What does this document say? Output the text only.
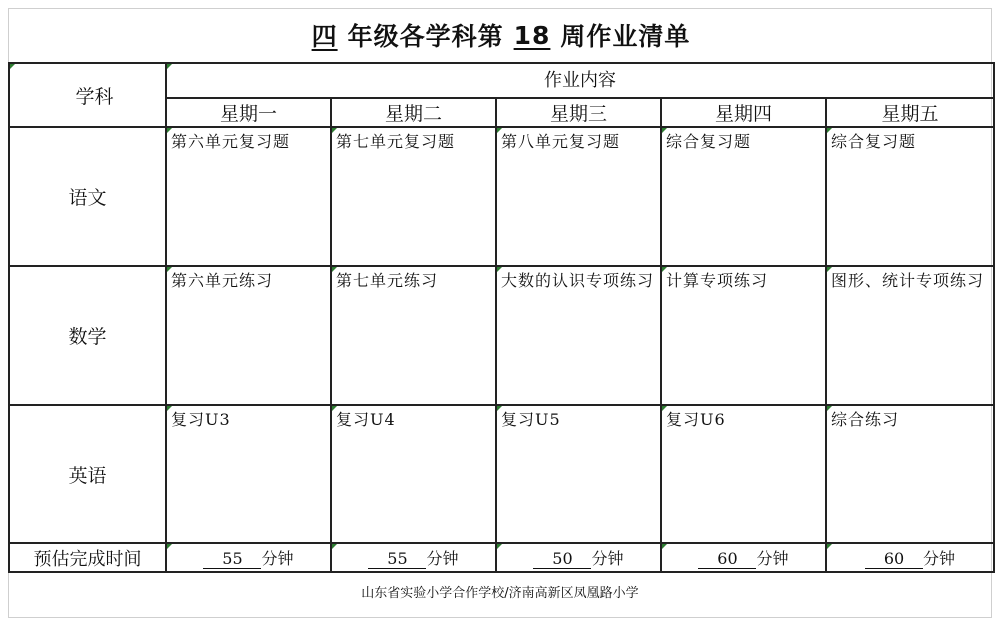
四 年级各学科第 18 周作业清单
学科	作业内容				
	星期一	星期二	星期三	星期四	星期五
语文	第六单元复习题	第七单元复习题	第八单元复习题	综合复习题	综合复习题
数学	第六单元练习	第七单元练习	大数的认识专项练习	计算专项练习	图形、统计专项练习
英语	复习U3	复习U4	复习U5	复习U6	综合练习
预估完成时间	55 分钟	55 分钟	50 分钟	60 分钟	60 分钟
山东省实验小学合作学校/济南高新区凤凰路小学
